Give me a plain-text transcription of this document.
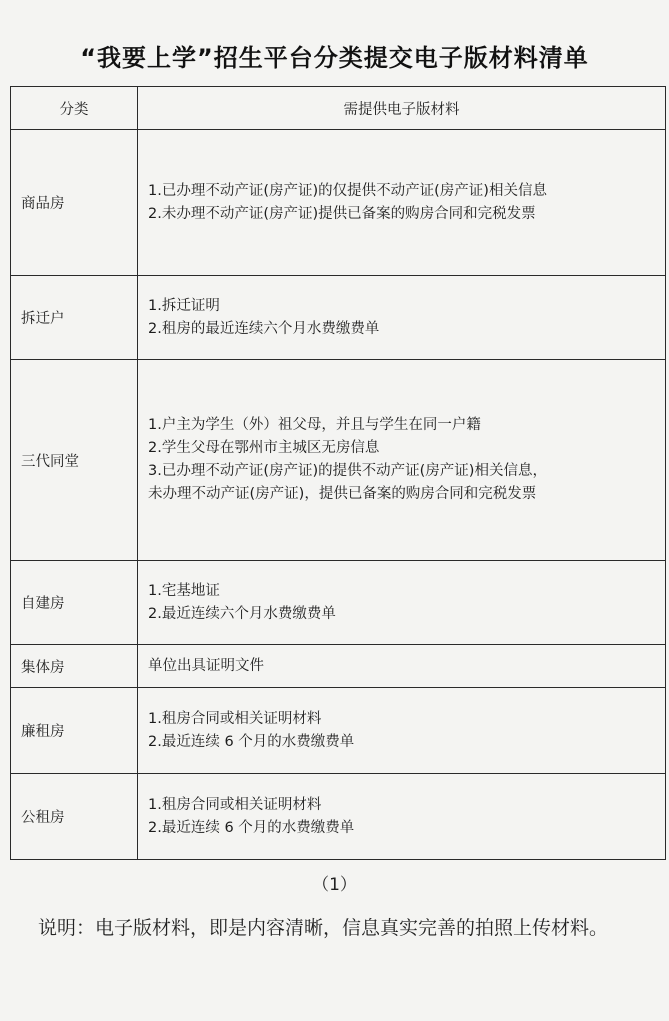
“我要上学”招生平台分类提交电子版材料清单
分类	需提供电子版材料
商品房	1.已办理不动产证(房产证)的仅提供不动产证(房产证)相关信息
2.未办理不动产证(房产证)提供已备案的购房合同和完税发票

拆迁户	1.拆迁证明
2.租房的最近连续六个月水费缴费单

三代同堂	1.户主为学生（外）祖父母，并且与学生在同一户籍
2.学生父母在鄂州市主城区无房信息
3.已办理不动产证(房产证)的提供不动产证(房产证)相关信息，
未办理不动产证(房产证)，提供已备案的购房合同和完税发票

自建房	1.宅基地证
2.最近连续六个月水费缴费单

集体房	单位出具证明文件

廉租房	1.租房合同或相关证明材料
2.最近连续 6 个月的水费缴费单

公租房	1.租房合同或相关证明材料
2.最近连续 6 个月的水费缴费单
（1）
说明：电子版材料，即是内容清晰，信息真实完善的拍照上传材料。
